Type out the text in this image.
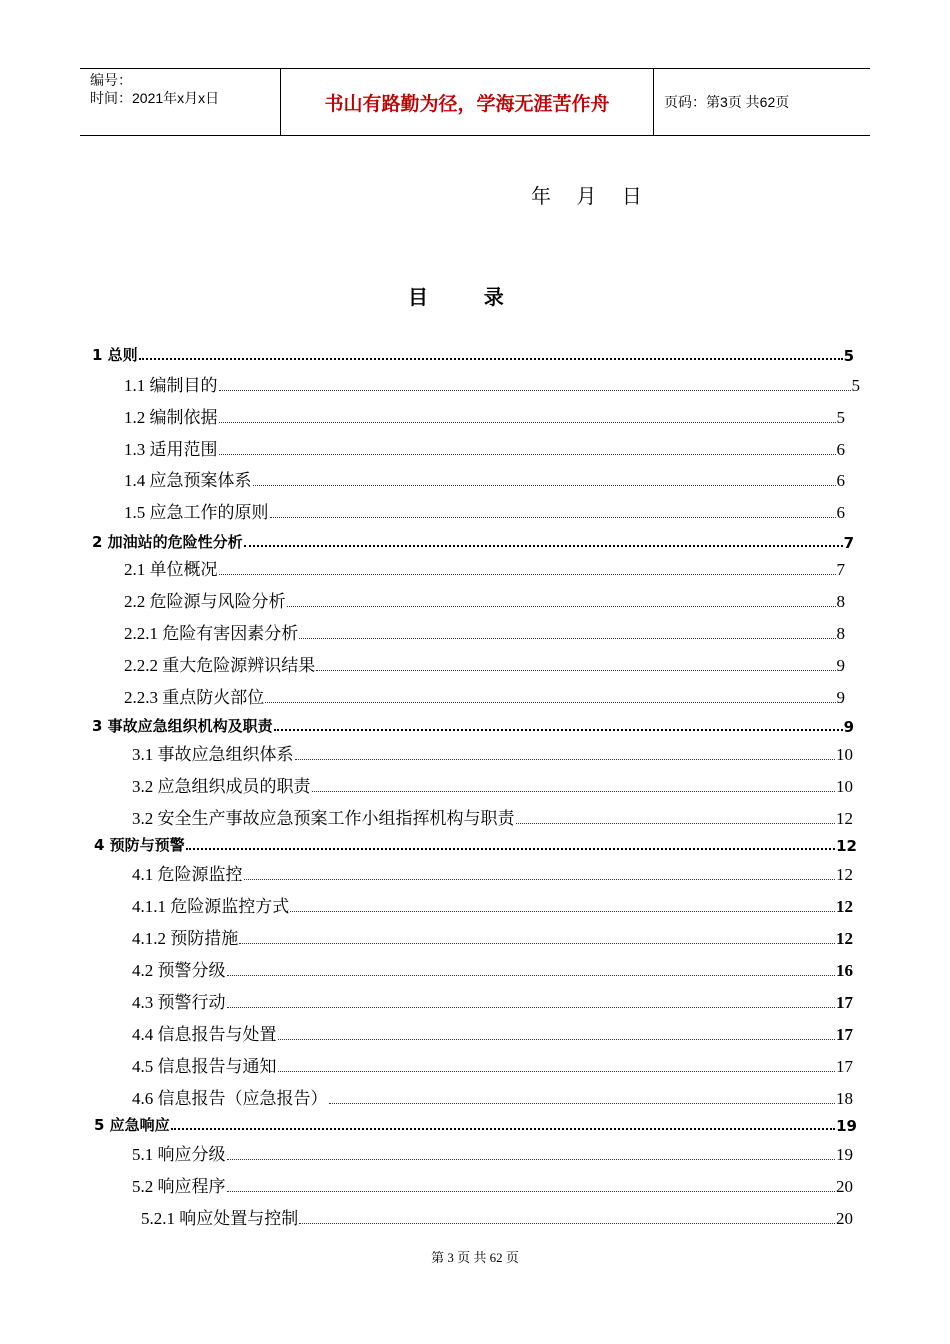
编号：
时间：2021年x月x日	书山有路勤为径，学海无涯苦作舟	页码：第3页 共62页
年    月    日
目        录
1 总则	5
1.1 编制目的	5
1.2 编制依据	5
1.3 适用范围	6
1.4 应急预案体系	6
1.5 应急工作的原则	6
2 加油站的危险性分析	7
2.1 单位概况	7
2.2 危险源与风险分析	8
2.2.1 危险有害因素分析	8
2.2.2 重大危险源辨识结果	9
2.2.3 重点防火部位	9
3 事故应急组织机构及职责	9
3.1 事故应急组织体系	10
3.2 应急组织成员的职责	10
3.2 安全生产事故应急预案工作小组指挥机构与职责	12
4 预防与预警	12
4.1 危险源监控	12
4.1.1 危险源监控方式	12
4.1.2 预防措施	12
4.2 预警分级	16
4.3 预警行动	17
4.4 信息报告与处置	17
4.5 信息报告与通知	17
4.6 信息报告（应急报告）	18
5 应急响应	19
5.1 响应分级	19
5.2 响应程序	20
5.2.1 响应处置与控制	20
第 3 页 共 62 页
